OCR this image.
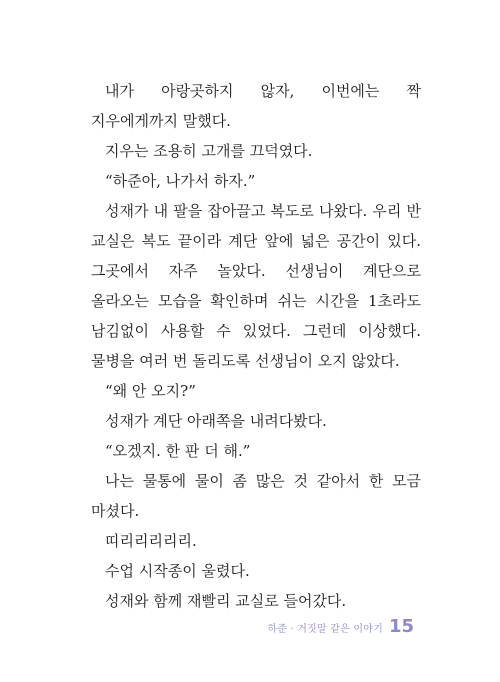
내가 아랑곳하지 않자, 이번에는 짝 지우에게까지 말했다.

지우는 조용히 고개를 끄덕였다.

“하준아, 나가서 하자.”

성재가 내 팔을 잡아끌고 복도로 나왔다. 우리 반 교실은 복도 끝이라 계단 앞에 넓은 공간이 있다. 그곳에서 자주 놀았다. 선생님이 계단으로 올라오는 모습을 확인하며 쉬는 시간을 1초라도 남김없이 사용할 수 있었다. 그런데 이상했다. 물병을 여러 번 돌리도록 선생님이 오지 않았다.

“왜 안 오지?”

성재가 계단 아래쪽을 내려다봤다.

“오겠지. 한 판 더 해.”

나는 물통에 물이 좀 많은 것 같아서 한 모금 마셨다.

띠리리리리리.

수업 시작종이 울렸다.

성재와 함께 재빨리 교실로 들어갔다.

하준 · 거짓말 같은 이야기 15
